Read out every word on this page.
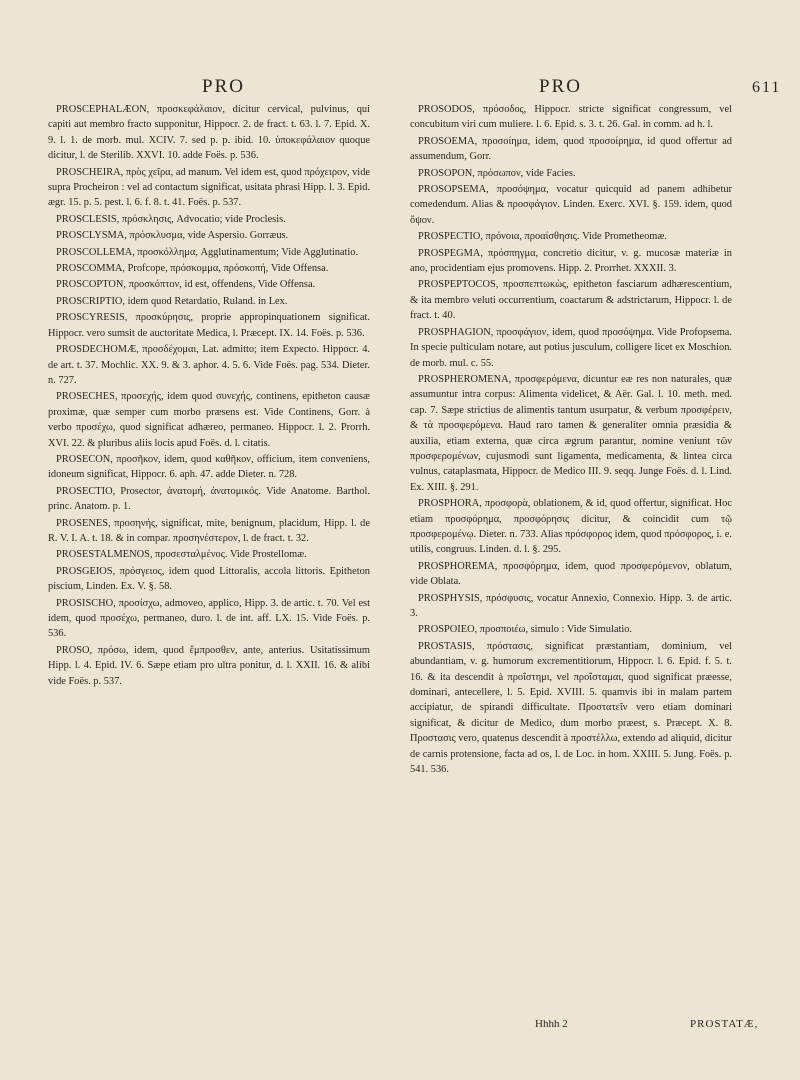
PRO	PRO	611

PROSCEPHALÆON, προσκεφάλαιον, dicitur cervical, pulvinus, qui capiti aut membro fracto supponitur, Hippocr. 2. de fract. t. 63. l. 7. Epid. X. 9. l. 1. de morb. mul. XCIV. 7. sed p. p. ibid. 10. ὑποκεφάλαιον quoque dicitur, l. de Sterilib. XXVI. 10. adde Foës. p. 536.

PROSCHEIRA, πρὸς χεῖρα, ad manum. Vel idem est, quod πρόχειρον, vide supra Procheiron : vel ad contactum significat, usitata phrasi Hipp. l. 3. Epid. ægr. 15. p. 5. pest. l. 6. f. 8. t. 41. Foës. p. 537.

PROSCLESIS, πρόσκλησις, Advocatio; vide Proclesis.

PROSCLYSMA, πρόσκλυσμα, vide Aspersio. Gorræus.

PROSCOLLEMA, προσκόλλημα, Agglutinamentum; Vide Agglutinatio.

PROSCOMMA, Profcope, πρόσκομμα, πρόσκοπή, Vide Offensa.

PROSCOPTON, προσκόπτον, id est, offendens, Vide Offensa.

PROSCRIPTIO, idem quod Retardatio, Ruland. in Lex.

PROSCYRESIS, προσκύρησις, proprie appropinquationem significat. Hippocr. vero sumsit de auctoritate Medica, l. Præcept. IX. 14. Foës. p. 536.

PROSDECHOMÆ, προσδέχομαι, Lat. admitto; item Expecto. Hippocr. 4. de art. t. 37. Mochlic. XX. 9. & 3. aphor. 4. 5. 6. Vide Foës. pag. 534. Dieter. n. 727.

PROSECHES, προσεχής, idem quod συνεχής, continens, epitheton causæ proximæ, quæ semper cum morbo præsens est. Vide Continens, Gorr. à verbo προσέχω, quod significat adhæreo, permaneo. Hippocr. l. 2. Prorrh. XVI. 22. & pluribus aliis locis apud Foës. d. l. citatis.

PROSECON, προσῆκον, idem, quod καθῆκον, officium, item conveniens, idoneum significat, Hippocr. 6. aph. 47. adde Dieter. n. 728.

PROSECTIO, Prosector, ἀνατομή, ἀνατομικός. Vide Anatome. Barthol. princ. Anatom. p. 1.

PROSENES, προσηνής, significat, mite, benignum, placidum, Hipp. l. de R. V. I. A. t. 18. & in compar. προσηνέστερον, l. de fract. t. 32.

PROSESTALMENOS, προσεσταλμένος. Vide Prostellomæ.

PROSGEIOS, πρόσγειος, idem quod Littoralis, accola littoris. Epitheton piscium, Linden. Ex. V. §. 58.

PROSISCHO, προσίσχω, admoveo, applico, Hipp. 3. de artic. t. 70. Vel est idem, quod προσέχω, permaneo, duro. l. de int. aff. LX. 15. Vide Foës. p. 536.

PROSO, πρόσω, idem, quod ἔμπροσθεν, ante, anterius. Usitatissimum Hipp. l. 4. Epid. IV. 6. Sæpe etiam pro ultra ponitur, d. l. XXII. 16. & alibi vide Foës. p. 537.

PROSODOS, πρόσοδος, Hippocr. stricte significat congressum, vel concubitum viri cum muliere. l. 6. Epid. s. 3. t. 26. Gal. in comm. ad h. l.

PROSOEMA, προσοίημα, idem, quod προσοίρημα, id quod offertur ad assumendum, Gorr.

PROSOPON, πρόσωπον, vide Facies.

PROSOPSEMA, προσόψημα, vocatur quicquid ad panem adhibetur comedendum. Alias & προσφάγιον. Linden. Exerc. XVI. §. 159. idem, quod ὄψον.

PROSPECTIO, πρόνοια, προαίσθησις. Vide Prometheomæ.

PROSPEGMA, πρόσπηγμα, concretio dicitur, v. g. mucosæ materiæ in ano, procidentiam ejus promovens. Hipp. 2. Prorrhet. XXXII. 3.

PROSPEPTOCOS, προσπεπτωκὼς, epitheton fasciarum adhærescentium, & ita membro veluti occurrentium, coactarum & adstrictarum, Hippocr. l. de fract. t. 40.

PROSPHAGION, προσφάγιον, idem, quod προσόψημα. Vide Profopsema. In specie pulticulam notare, aut potius jusculum, colligere licet ex Moschion. de morb. mul. c. 55.

PROSPHEROMENA, προσφερόμενα, dicuntur eæ res non naturales, quæ assumuntur intra corpus: Alimenta videlicet, & Aër. Gal. l. 10. meth. med. cap. 7. Sæpe strictius de alimentis tantum usurpatur, & verbum προσφέρειν, & τὰ προσφερόμενα. Haud raro tamen & generaliter omnia præsidia & auxilia, etiam externa, quæ circa ægrum parantur, nomine veniunt τῶν προσφερομένων, cujusmodi sunt ligamenta, medicamenta, & lintea circa vulnus, cataplasmata, Hippocr. de Medico III. 9. seqq. Junge Foës. d. l. Lind. Ex. XIII. §. 291.

PROSPHORA, προσφορὰ, oblationem, & id, quod offertur, significat. Hoc etiam προσφόρημα, προσφόρησις dicitur, & coincidit cum τῷ προσφερομένῳ. Dieter. n. 733. Alias πρόσφορος idem, quod πρόσφορος, i. e. utilis, congruus. Linden. d. l. §. 295.

PROSPHOREMA, προσφόρημα, idem, quod προσφερόμενον, oblatum, vide Oblata.

PROSPHYSIS, πρόσφυσις, vocatur Annexio, Connexio. Hipp. 3. de artic. 3.

PROSPOIEO, προσποιέω, simulo : Vide Simulatio.

PROSTASIS, πρόστασις, significat præstantiam, dominium, vel abundantiam, v. g. humorum excrementitiorum, Hippocr. l. 6. Epid. f. 5. t. 16. & ita descendit à προΐστημι, vel προΐσταμαι, quod significat præesse, dominari, antecellere, l. 5. Epid. XVIII. 5. quamvis ibi in malam partem accipiatur, de spirandi difficultate. Προστατεῖν vero etiam dominari significat, & dicitur de Medico, dum morbo præest, s. Præcept. X. 8. Προστασις vero, quatenus descendit à προστέλλω, extendo ad aliquid, dicitur de carnis protensione, facta ad os, l. de Loc. in hom. XXIII. 5. Jung. Foës. p. 541. 536.

Hhhh 2	PROSTATÆ,
